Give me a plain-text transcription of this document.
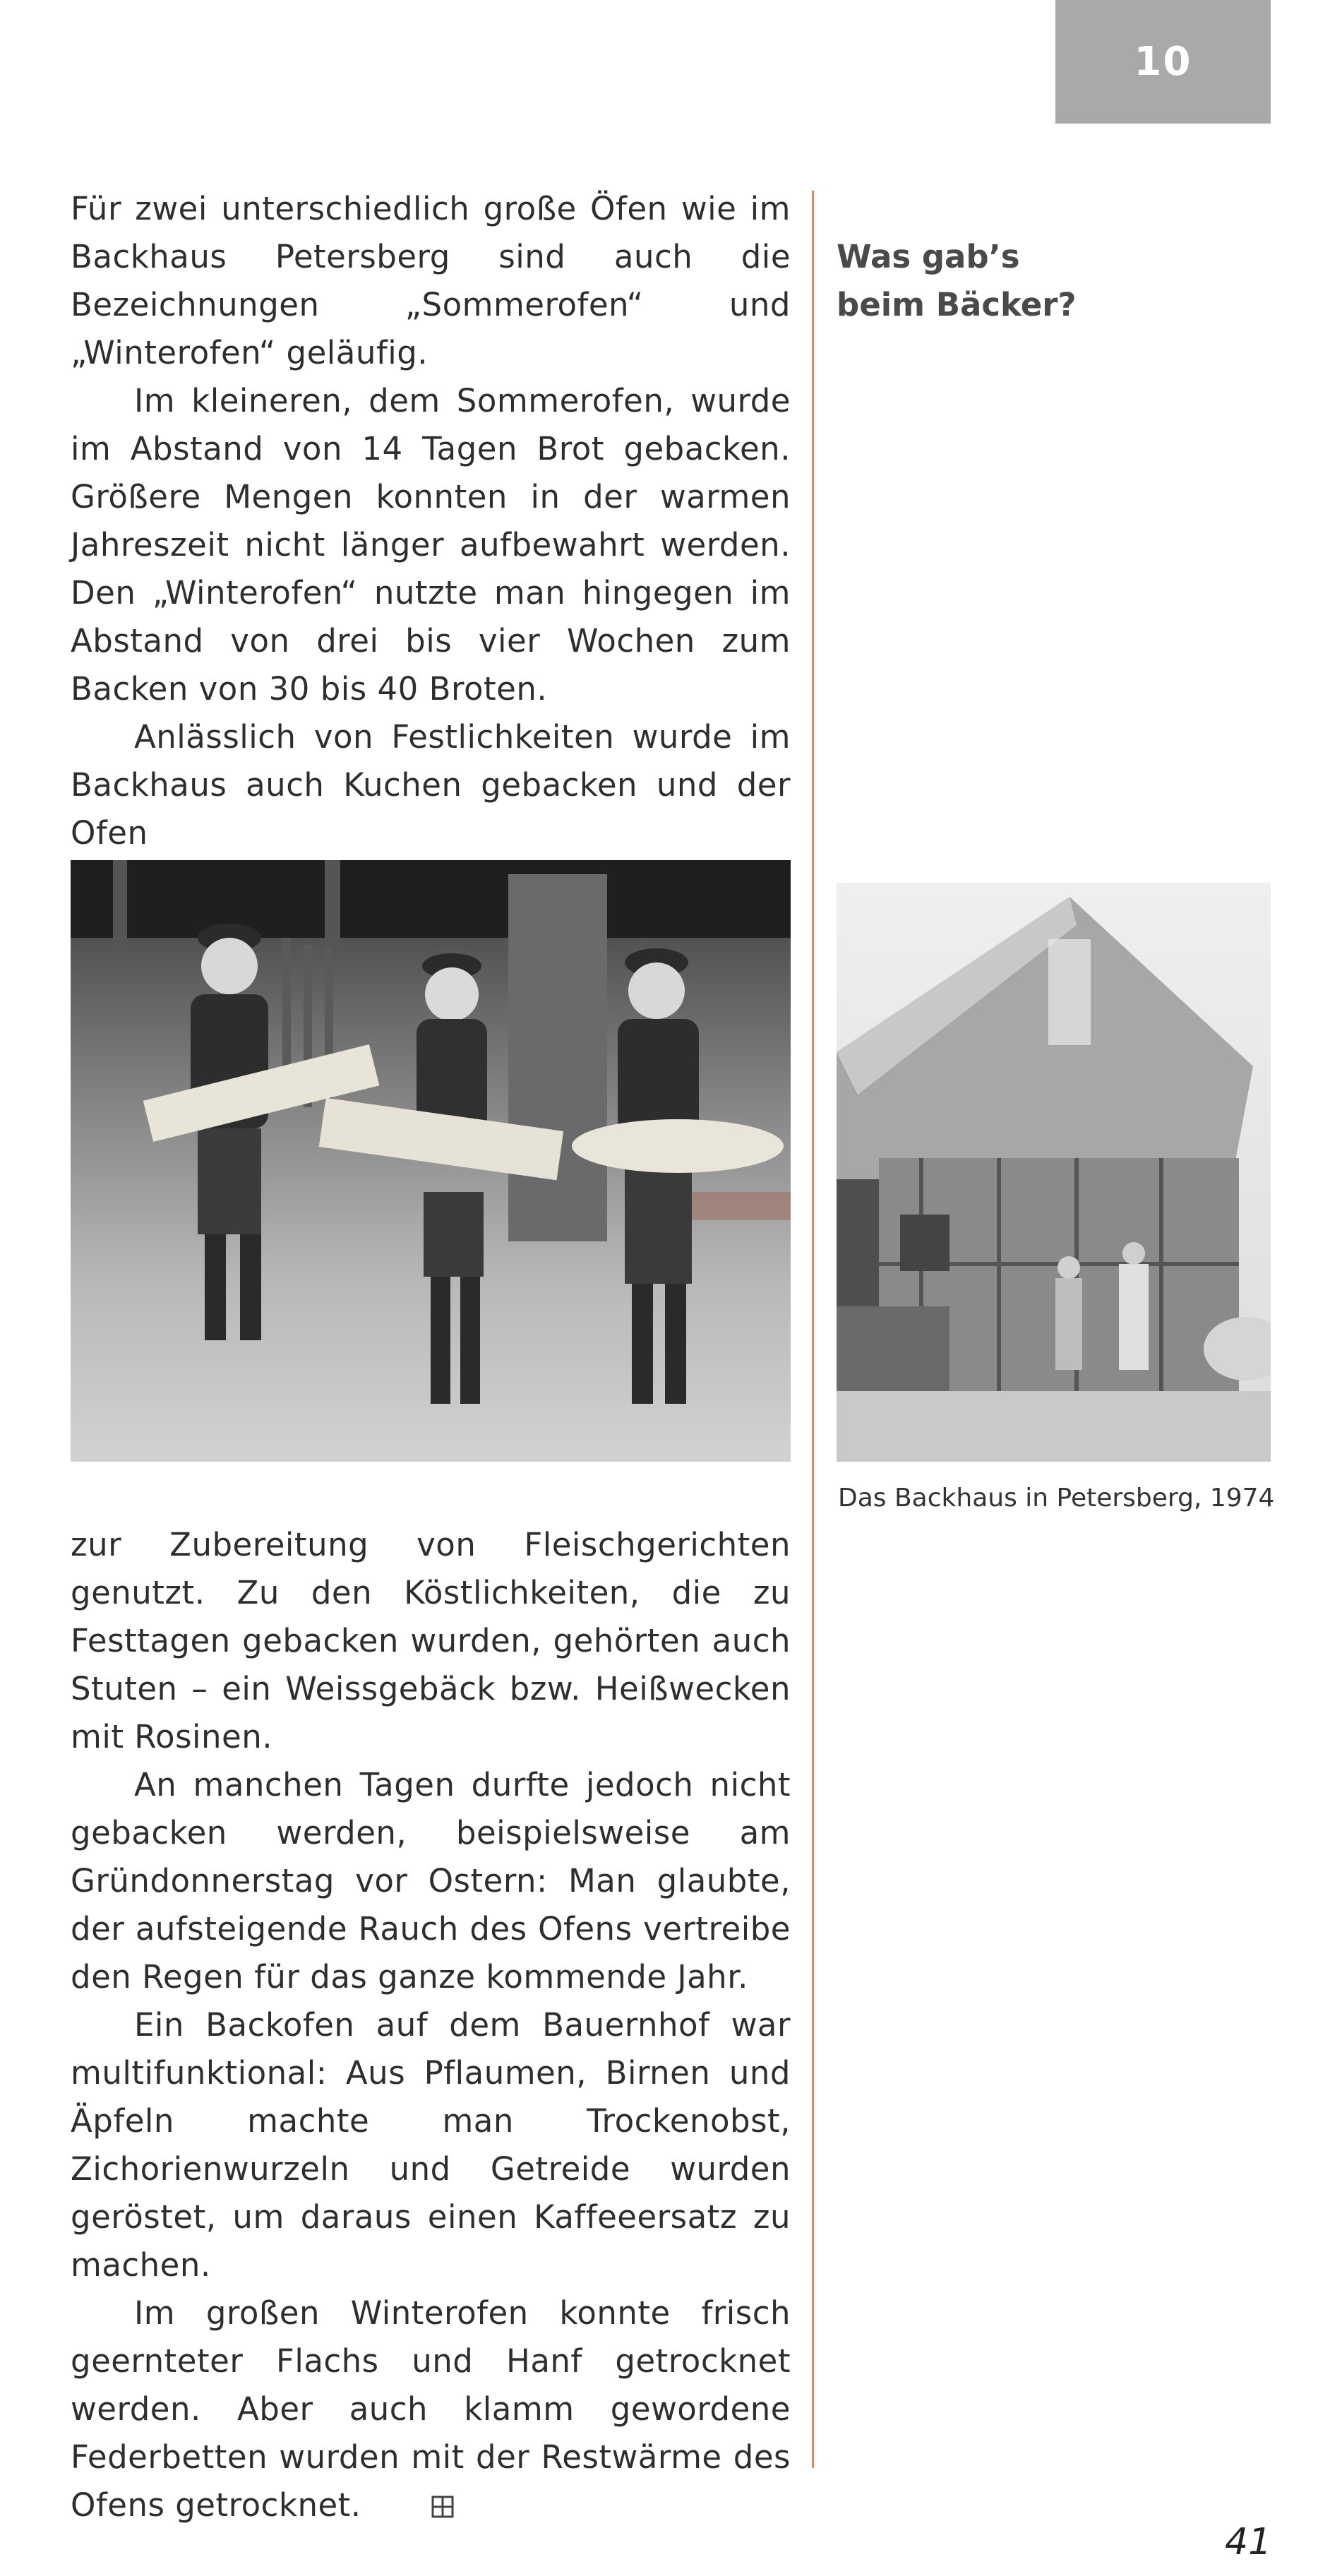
10

Für zwei unterschiedlich große Öfen wie im Backhaus Petersberg sind auch die Bezeichnungen „Sommerofen“ und „Winterofen“ geläufig.

Im kleineren, dem Sommerofen, wurde im Abstand von 14 Tagen Brot gebacken. Größere Mengen konnten in der warmen Jahreszeit nicht länger aufbewahrt werden. Den „Winterofen“ nutzte man hingegen im Abstand von drei bis vier Wochen zum Backen von 30 bis 40 Broten.

Anlässlich von Festlichkeiten wurde im Backhaus auch Kuchen gebacken und der Ofen

Was gab’s
beim Bäcker?
Das Backhaus in Petersberg, 1974

zur Zubereitung von Fleischgerichten genutzt. Zu den Köstlichkeiten, die zu Festtagen gebacken wurden, gehörten auch Stuten – ein Weissgebäck bzw. Heißwecken mit Rosinen.

An manchen Tagen durfte jedoch nicht gebacken werden, beispielsweise am Gründonnerstag vor Ostern: Man glaubte, der aufsteigende Rauch des Ofens vertreibe den Regen für das ganze kommende Jahr.

Ein Backofen auf dem Bauernhof war multifunktional: Aus Pflaumen, Birnen und Äpfeln machte man Trockenobst, Zichorienwurzeln und Getreide wurden geröstet, um daraus einen Kaffeeersatz zu machen.

Im großen Winterofen konnte frisch geernteter Flachs und Hanf getrocknet werden. Aber auch klamm gewordene Federbetten wurden mit der Restwärme des Ofens getrocknet.

41
